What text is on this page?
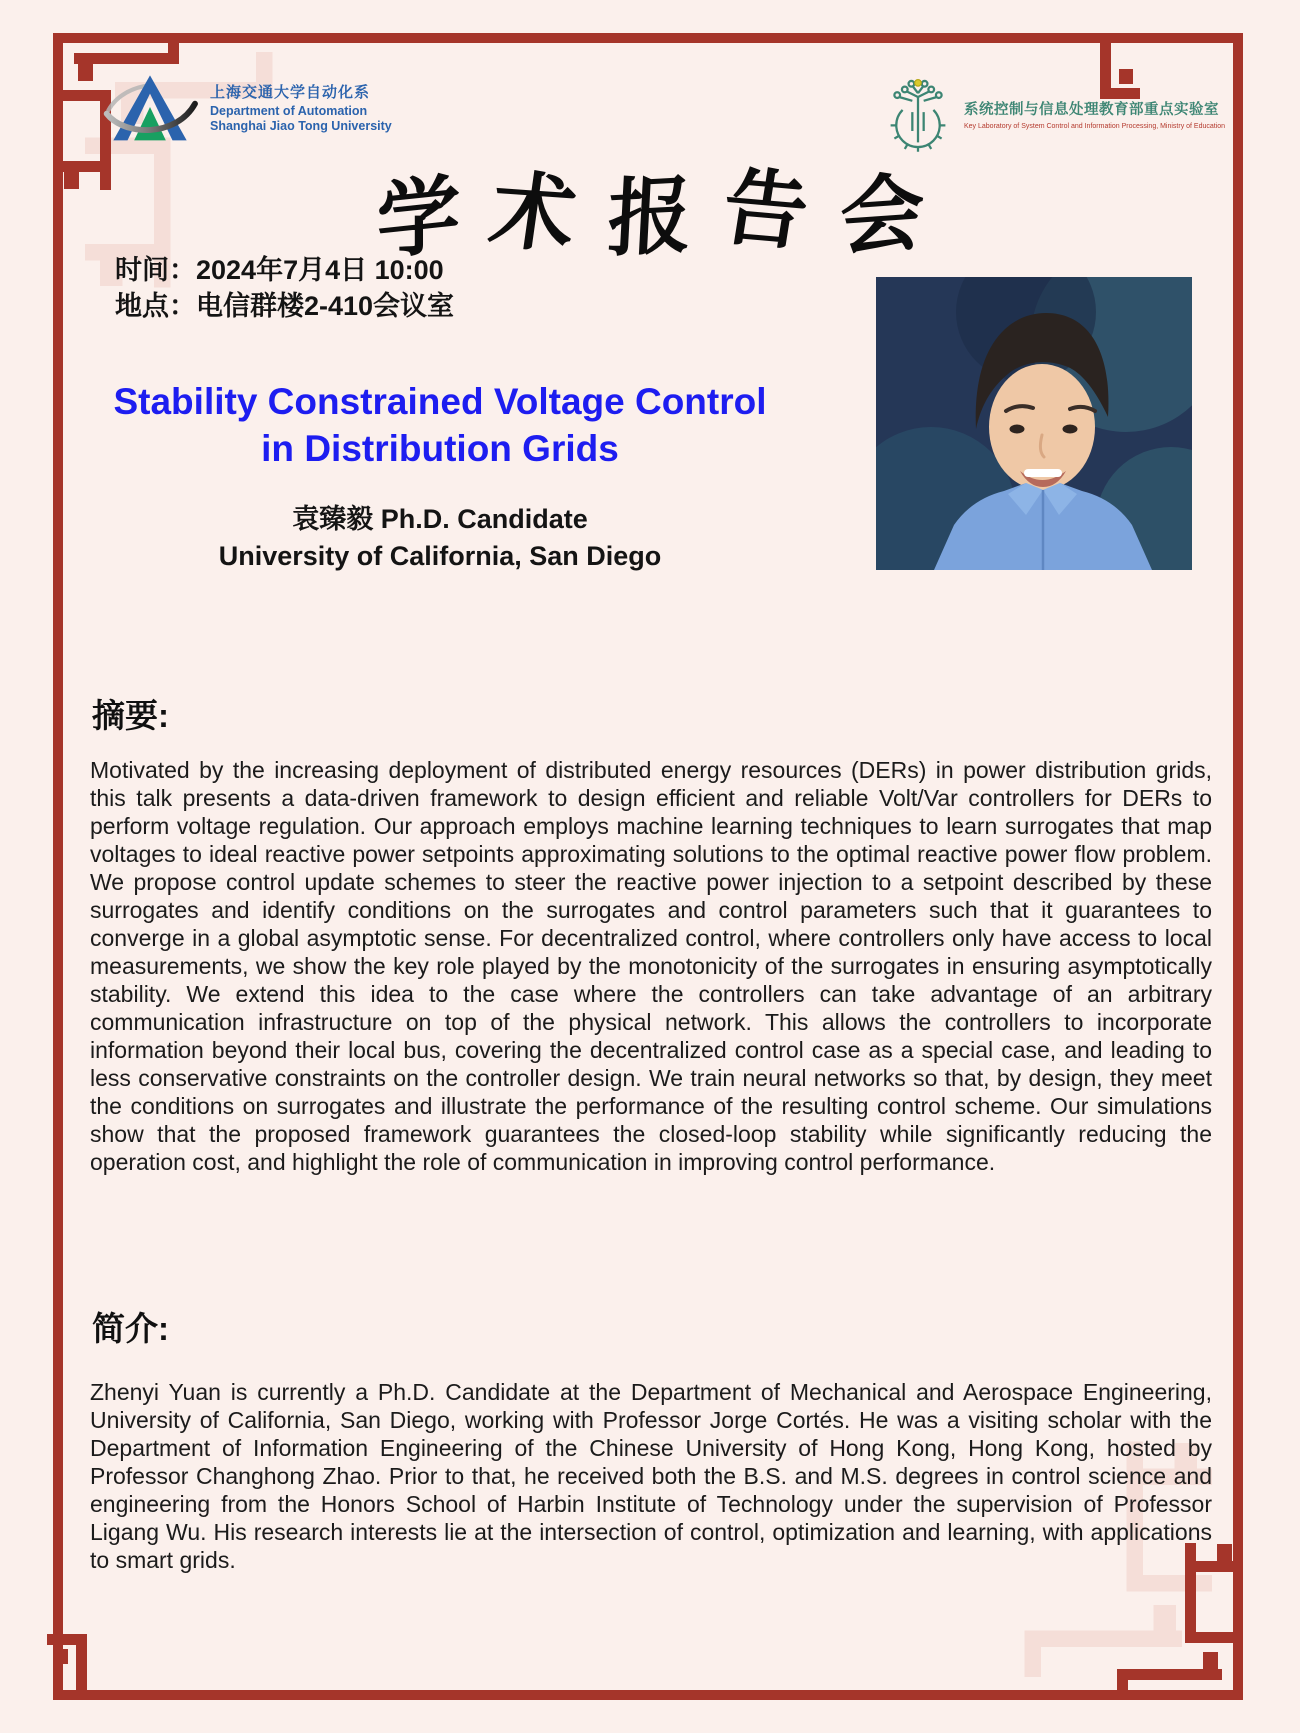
上海交通大学自动化系
Department of Automation
Shanghai Jiao Tong University
系统控制与信息处理教育部重点实验室
Key Laboratory of System Control and Information Processing, Ministry of Education
学 术 报 告 会
时间：2024年7月4日 10:00
地点：电信群楼2-410会议室
Stability Constrained Voltage Control
in Distribution Grids
袁臻毅 Ph.D. Candidate
University of California, San Diego
摘要:
Motivated by the increasing deployment of distributed energy resources (DERs) in power distribution grids, this talk presents a data-driven framework to design efficient and reliable Volt/Var controllers for DERs to perform voltage regulation. Our approach employs machine learning techniques to learn surrogates that map voltages to ideal reactive power setpoints approximating solutions to the optimal reactive power flow problem. We propose control update schemes to steer the reactive power injection to a setpoint described by these surrogates and identify conditions on the surrogates and control parameters such that it guarantees to converge in a global asymptotic sense. For decentralized control, where controllers only have access to local measurements, we show the key role played by the monotonicity of the surrogates in ensuring asymptotically stability. We extend this idea to the case where the controllers can take advantage of an arbitrary communication infrastructure on top of the physical network. This allows the controllers to incorporate information beyond their local bus, covering the decentralized control case as a special case, and leading to less conservative constraints on the controller design. We train neural networks so that, by design, they meet the conditions on surrogates and illustrate the performance of the resulting control scheme. Our simulations show that the proposed framework guarantees the closed-loop stability while significantly reducing the operation cost, and highlight the role of communication in improving control performance.
简介:
Zhenyi Yuan is currently a Ph.D. Candidate at the Department of Mechanical and Aerospace Engineering, University of California, San Diego, working with Professor Jorge Cortés. He was a visiting scholar with the Department of Information Engineering of the Chinese University of Hong Kong, Hong Kong, hosted by Professor Changhong Zhao. Prior to that, he received both the B.S. and M.S. degrees in control science and engineering from the Honors School of Harbin Institute of Technology under the supervision of Professor Ligang Wu. His research interests lie at the intersection of control, optimization and learning, with applications to smart grids.
